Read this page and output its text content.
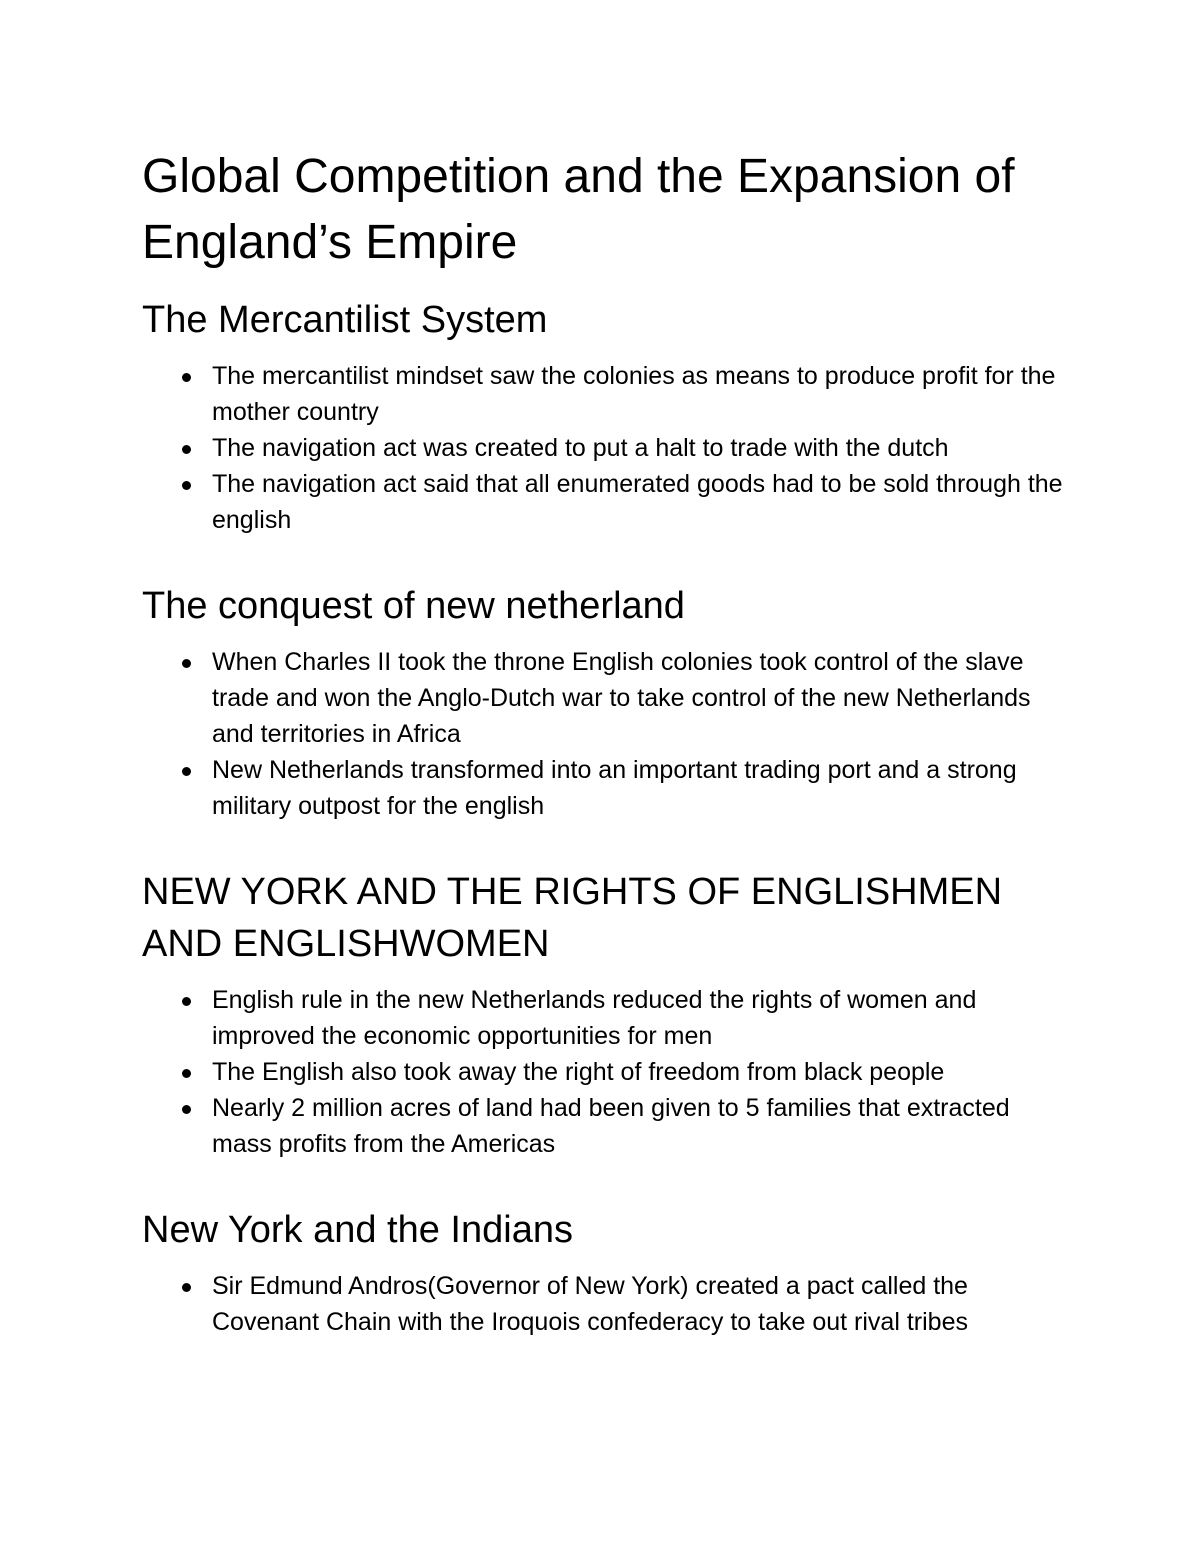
Global Competition and the Expansion of England’s Empire
The Mercantilist System
The mercantilist mindset saw the colonies as means to produce profit for the mother country
The navigation act was created to put a halt to trade with the dutch
The navigation act said that all enumerated goods had to be sold through the english
The conquest of new netherland
When Charles II took the throne English colonies took control of the slave trade and won the Anglo-Dutch war to take control of the new Netherlands and territories in Africa
New Netherlands transformed into an important trading port and a strong military outpost for the english
NEW YORK AND THE RIGHTS OF ENGLISHMEN AND ENGLISHWOMEN
English rule in the new Netherlands reduced the rights of women and improved the economic opportunities for men
The English also took away the right of freedom from black people
Nearly 2 million acres of land had been given to 5 families that extracted mass profits from the Americas
New York and the Indians
Sir Edmund Andros(Governor of New York) created a pact called the Covenant Chain with the Iroquois confederacy to take out rival tribes
